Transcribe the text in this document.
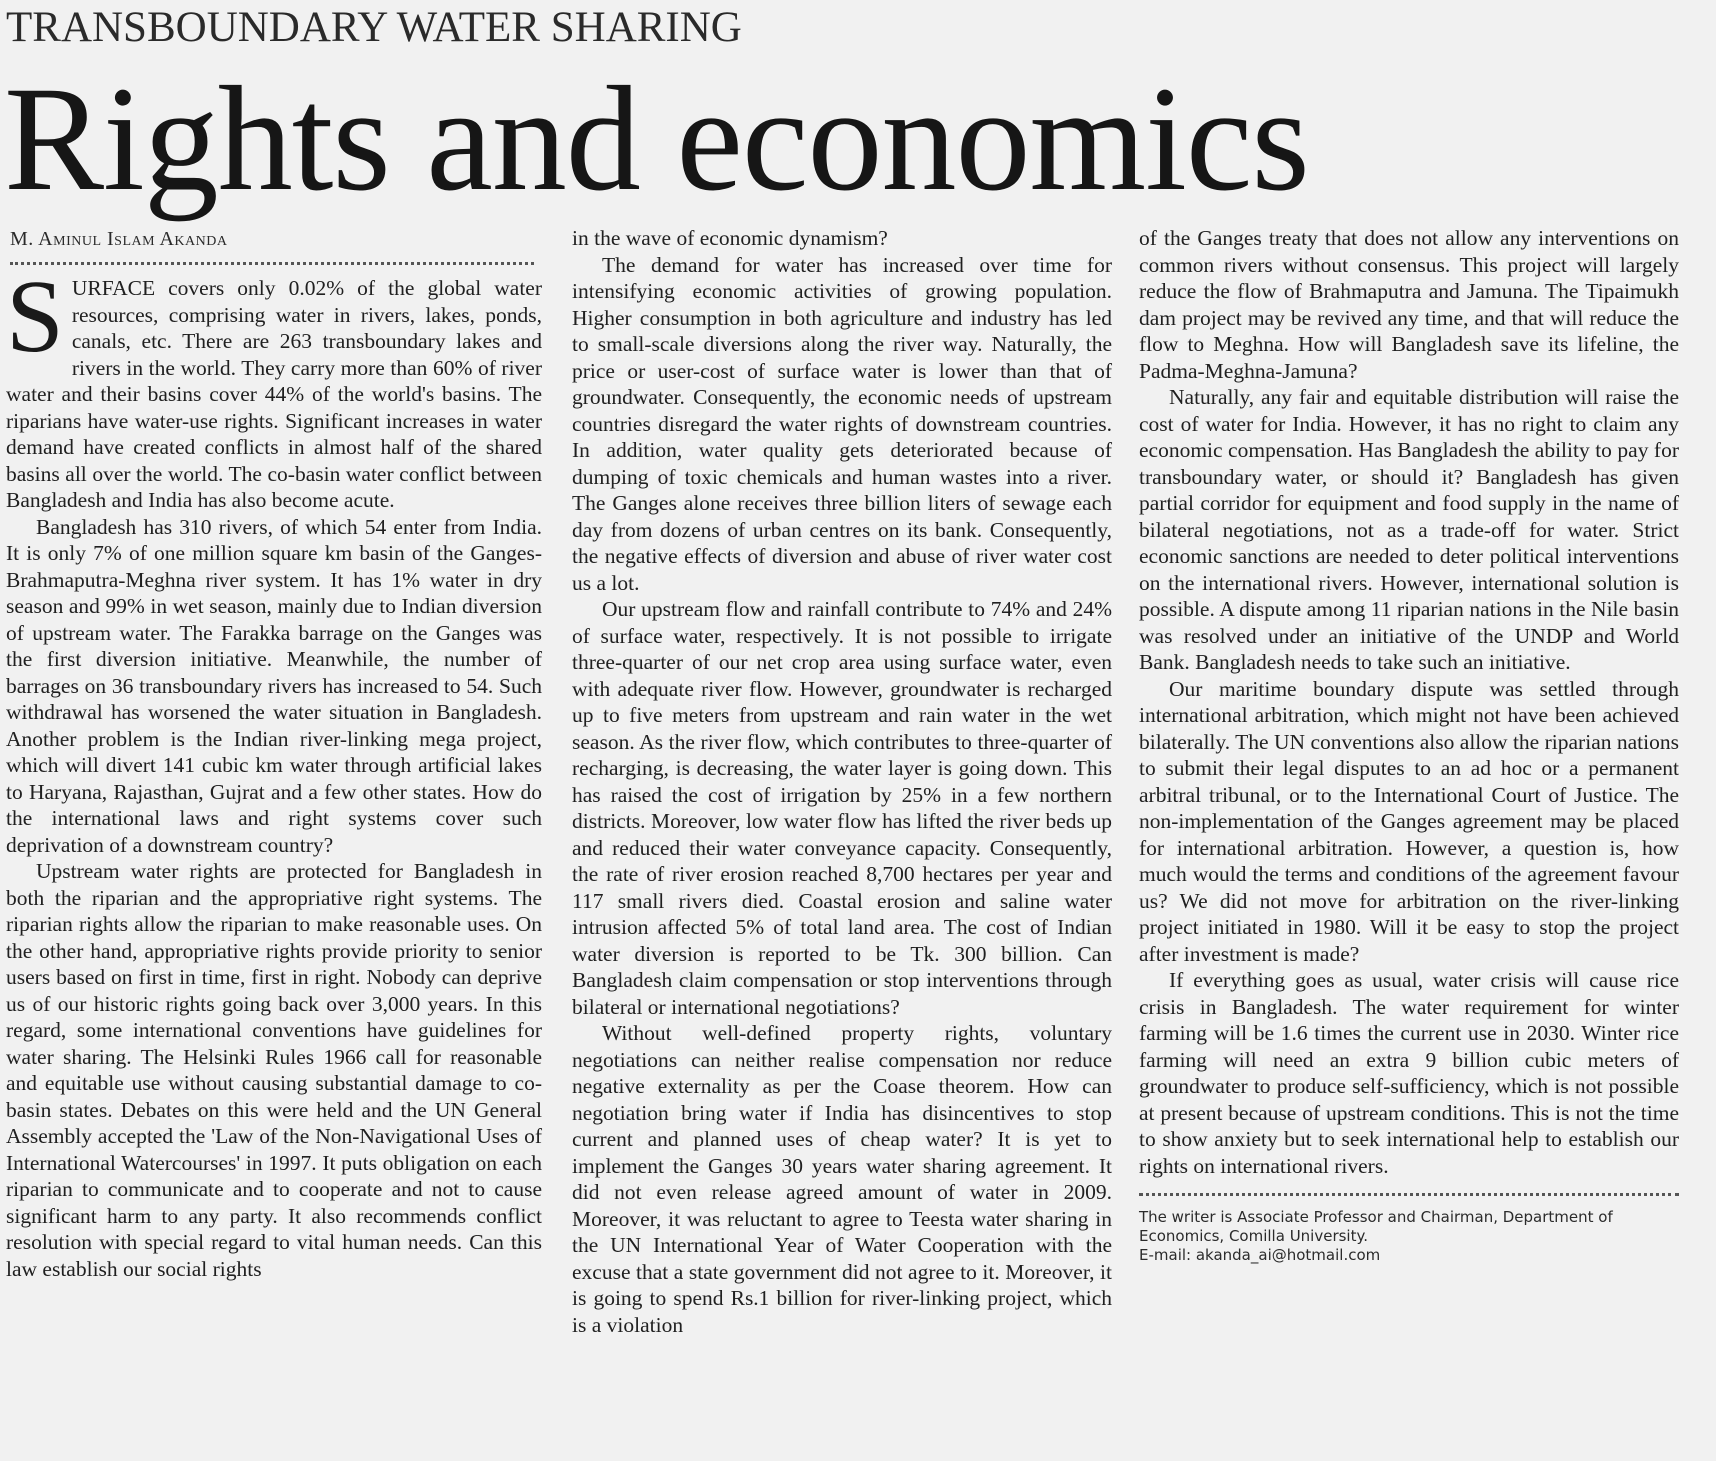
TRANSBOUNDARY WATER SHARING
Rights and economics
M. Aminul Islam Akanda

SURFACE covers only 0.02% of the global water resources, comprising water in rivers, lakes, ponds, canals, etc. There are 263 transboundary lakes and rivers in the world. They carry more than 60% of river water and their basins cover 44% of the world's basins. The riparians have water-use rights. Significant increases in water demand have created conflicts in almost half of the shared basins all over the world. The co-basin water conflict between Bangladesh and India has also become acute.

Bangladesh has 310 rivers, of which 54 enter from India. It is only 7% of one million square km basin of the Ganges-Brahmaputra-Meghna river system. It has 1% water in dry season and 99% in wet season, mainly due to Indian diversion of upstream water. The Farakka barrage on the Ganges was the first diversion initiative. Meanwhile, the number of barrages on 36 transboundary rivers has increased to 54. Such withdrawal has worsened the water situation in Bangladesh. Another problem is the Indian river-linking mega project, which will divert 141 cubic km water through artificial lakes to Haryana, Rajasthan, Gujrat and a few other states. How do the international laws and right systems cover such deprivation of a downstream country?

Upstream water rights are protected for Bangladesh in both the riparian and the appropriative right systems. The riparian rights allow the riparian to make reasonable uses. On the other hand, appropriative rights provide priority to senior users based on first in time, first in right. Nobody can deprive us of our historic rights going back over 3,000 years. In this regard, some international conventions have guidelines for water sharing. The Helsinki Rules 1966 call for reasonable and equitable use without causing substantial damage to co-basin states. Debates on this were held and the UN General Assembly accepted the 'Law of the Non-Navigational Uses of International Watercourses' in 1997. It puts obligation on each riparian to communicate and to cooperate and not to cause significant harm to any party. It also recommends conflict resolution with special regard to vital human needs. Can this law establish our social rights

in the wave of economic dynamism?

The demand for water has increased over time for intensifying economic activities of growing population. Higher consumption in both agriculture and industry has led to small-scale diversions along the river way. Naturally, the price or user-cost of surface water is lower than that of groundwater. Consequently, the economic needs of upstream countries disregard the water rights of downstream countries. In addition, water quality gets deteriorated because of dumping of toxic chemicals and human wastes into a river. The Ganges alone receives three billion liters of sewage each day from dozens of urban centres on its bank. Consequently, the negative effects of diversion and abuse of river water cost us a lot.

Our upstream flow and rainfall contribute to 74% and 24% of surface water, respectively. It is not possible to irrigate three-quarter of our net crop area using surface water, even with adequate river flow. However, groundwater is recharged up to five meters from upstream and rain water in the wet season. As the river flow, which contributes to three-quarter of recharging, is decreasing, the water layer is going down. This has raised the cost of irrigation by 25% in a few northern districts. Moreover, low water flow has lifted the river beds up and reduced their water conveyance capacity. Consequently, the rate of river erosion reached 8,700 hectares per year and 117 small rivers died. Coastal erosion and saline water intrusion affected 5% of total land area. The cost of Indian water diversion is reported to be Tk. 300 billion. Can Bangladesh claim compensation or stop interventions through bilateral or international negotiations?

Without well-defined property rights, voluntary negotiations can neither realise compensation nor reduce negative externality as per the Coase theorem. How can negotiation bring water if India has disincentives to stop current and planned uses of cheap water? It is yet to implement the Ganges 30 years water sharing agreement. It did not even release agreed amount of water in 2009. Moreover, it was reluctant to agree to Teesta water sharing in the UN International Year of Water Cooperation with the excuse that a state government did not agree to it. Moreover, it is going to spend Rs.1 billion for river-linking project, which is a violation

of the Ganges treaty that does not allow any interventions on common rivers without consensus. This project will largely reduce the flow of Brahmaputra and Jamuna. The Tipaimukh dam project may be revived any time, and that will reduce the flow to Meghna. How will Bangladesh save its lifeline, the Padma-Meghna-Jamuna?

Naturally, any fair and equitable distribution will raise the cost of water for India. However, it has no right to claim any economic compensation. Has Bangladesh the ability to pay for transboundary water, or should it? Bangladesh has given partial corridor for equipment and food supply in the name of bilateral negotiations, not as a trade-off for water. Strict economic sanctions are needed to deter political interventions on the international rivers. However, international solution is possible. A dispute among 11 riparian nations in the Nile basin was resolved under an initiative of the UNDP and World Bank. Bangladesh needs to take such an initiative.

Our maritime boundary dispute was settled through international arbitration, which might not have been achieved bilaterally. The UN conventions also allow the riparian nations to submit their legal disputes to an ad hoc or a permanent arbitral tribunal, or to the International Court of Justice. The non-implementation of the Ganges agreement may be placed for international arbitration. However, a question is, how much would the terms and conditions of the agreement favour us? We did not move for arbitration on the river-linking project initiated in 1980. Will it be easy to stop the project after investment is made?

If everything goes as usual, water crisis will cause rice crisis in Bangladesh. The water requirement for winter farming will be 1.6 times the current use in 2030. Winter rice farming will need an extra 9 billion cubic meters of groundwater to produce self-sufficiency, which is not possible at present because of upstream conditions. This is not the time to show anxiety but to seek international help to establish our rights on international rivers.

The writer is Associate Professor and Chairman, Department of Economics, Comilla University.
E-mail: akanda_ai@hotmail.com
